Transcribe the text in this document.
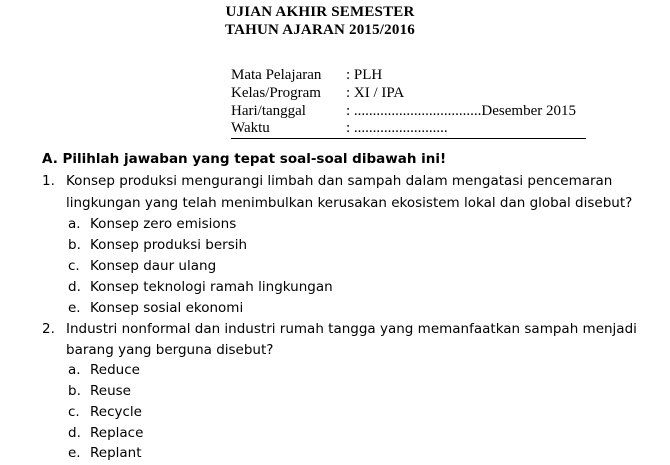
UJIAN AKHIR SEMESTER
TAHUN AJARAN 2015/2016
Mata Pelajaran : PLH
Kelas/Program : XI / IPA
Hari/tanggal	: ..................................Desember 2015
Waktu	: .........................
A. Pilihlah jawaban yang tepat soal-soal dibawah ini!
1. Konsep produksi mengurangi limbah dan sampah dalam mengatasi pencemaran
lingkungan yang telah menimbulkan kerusakan ekosistem lokal dan global disebut?
a. Konsep zero emisions
b. Konsep produksi bersih
c. Konsep daur ulang
d. Konsep teknologi ramah lingkungan
e. Konsep sosial ekonomi
2. Industri nonformal dan industri rumah tangga yang memanfaatkan sampah menjadi
barang yang berguna disebut?
a. Reduce
b. Reuse
c. Recycle
d. Replace
e. Replant
